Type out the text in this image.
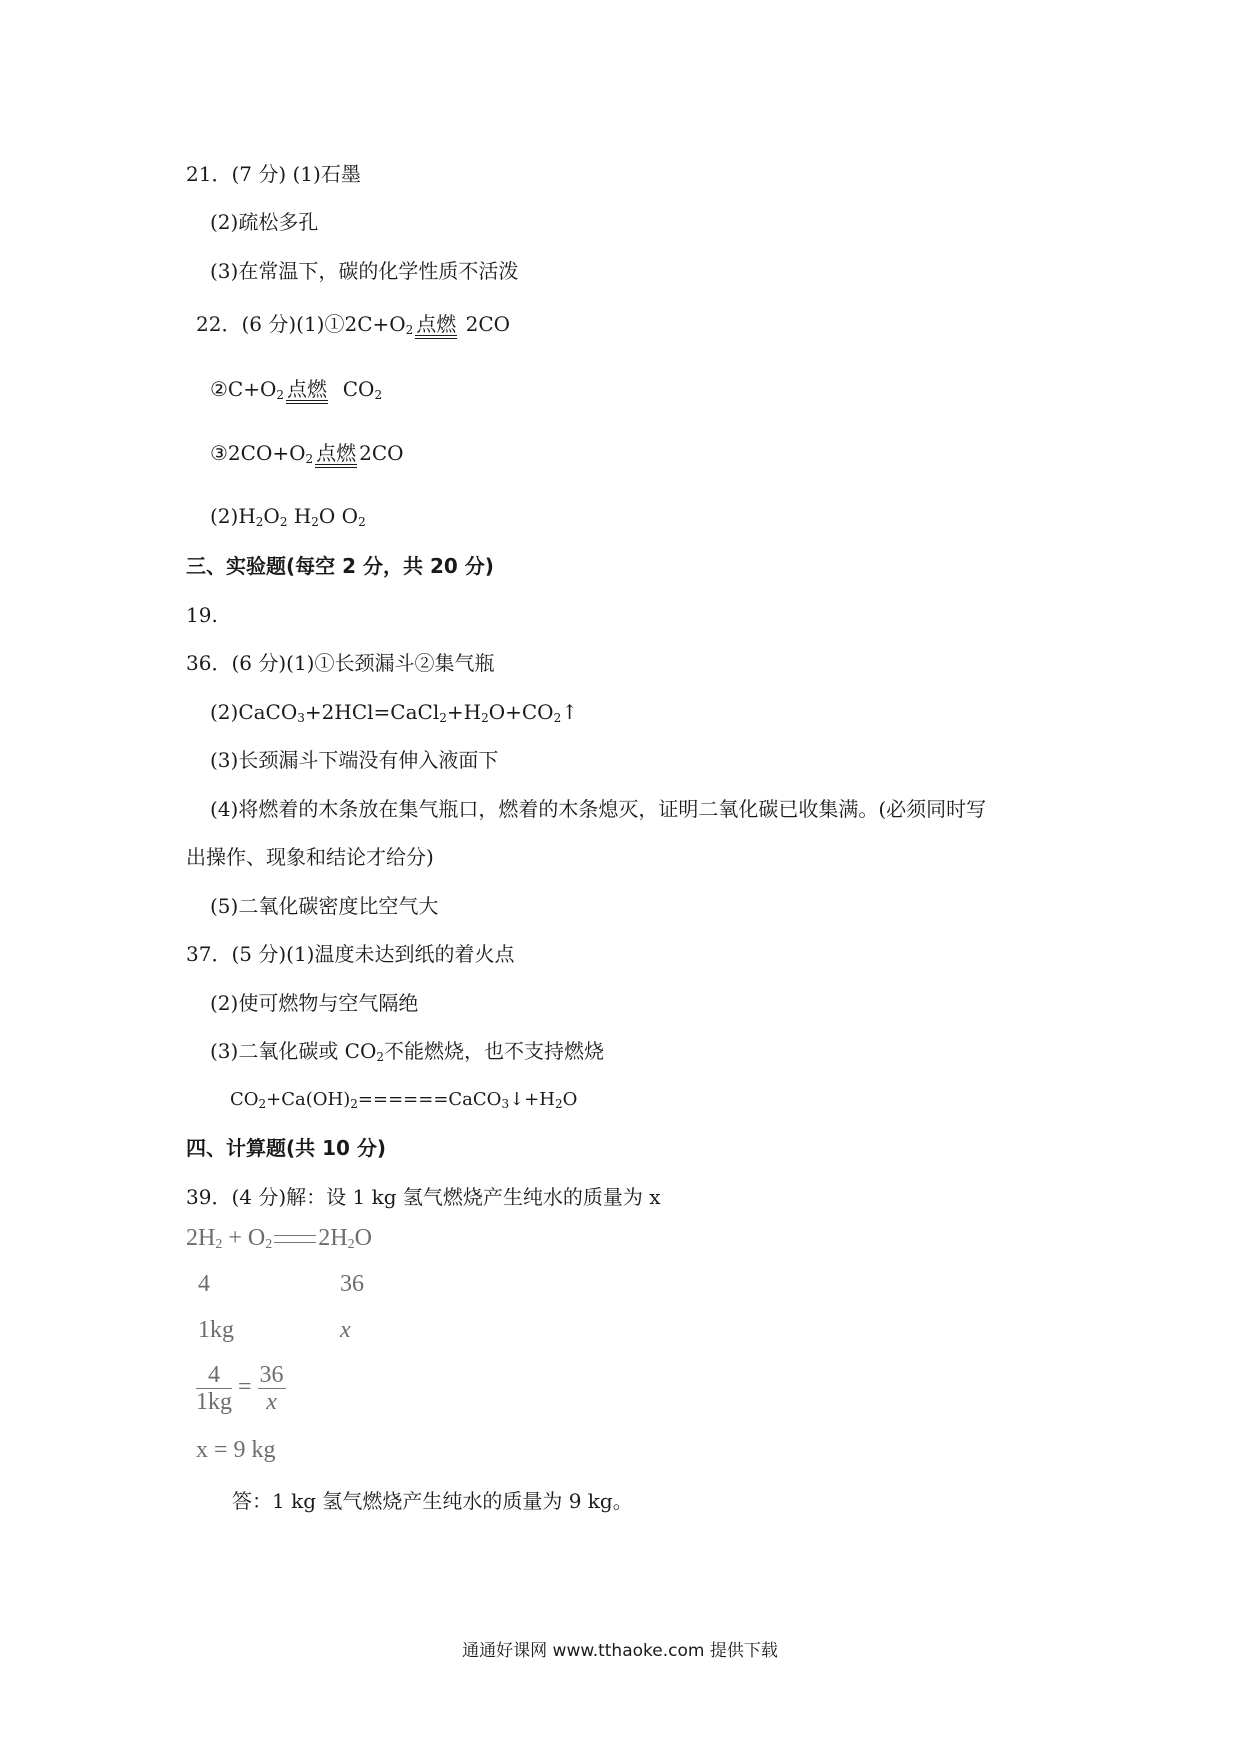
21．(7 分) (1)石墨
(2)疏松多孔
(3)在常温下，碳的化学性质不活泼
22．(6 分)$(1)①2C+O_2$ 点燃 2CO
$②C+O_2$ 点燃 $CO_2$
$③2CO+O_2$ 点燃 2CO
$(2)H_2O_2$ $H_2O$ $O_2$
三、实验题(每空 2 分，共 20 分)
19.
36．(6 分)(1)①长颈漏斗②集气瓶
$(2)CaCO_3+2HCl=CaCl_2+H_2O+CO_2↑$
(3)长颈漏斗下端没有伸入液面下
(4)将燃着的木条放在集气瓶口，燃着的木条熄灭，证明二氧化碳已收集满。(必须同时写
出操作、现象和结论才给分)
(5)二氧化碳密度比空气大
37．(5 分)(1)温度未达到纸的着火点
(2)使可燃物与空气隔绝
(3)二氧化碳或 $CO_2$不能燃烧，也不支持燃烧
$CO_2+Ca(OH)_2======CaCO_3↓+H_2O$
四、计算题(共 10 分)
39．(4 分)解：设 1 kg 氢气燃烧产生纯水的质量为 x
$2H_2 + O_2$ $2H_2O$
4	36
1kg	x
$\frac{4}{1kg} = \frac{36}{x}$
x = 9 kg
答：1 kg 氢气燃烧产生纯水的质量为 9 kg。
通通好课网 www.tthaoke.com 提供下载
